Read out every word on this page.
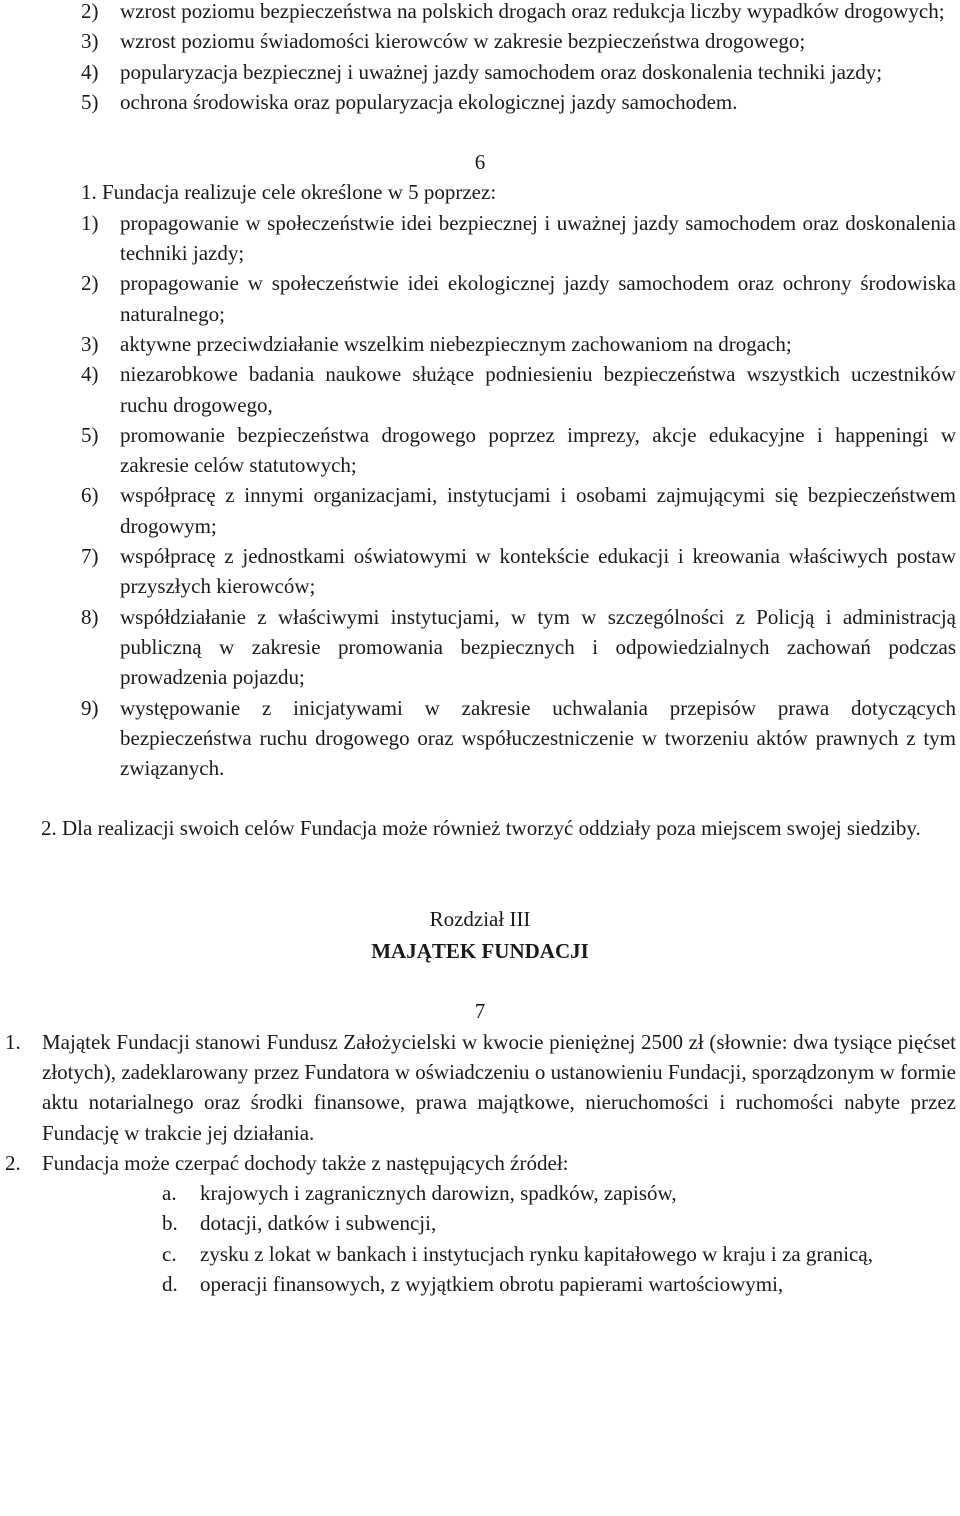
2) wzrost poziomu bezpieczeństwa na polskich drogach oraz redukcja liczby wypadków drogowych;
3) wzrost poziomu świadomości kierowców w zakresie bezpieczeństwa drogowego;
4) popularyzacja bezpiecznej i uważnej jazdy samochodem oraz doskonalenia techniki jazdy;
5) ochrona środowiska oraz popularyzacja ekologicznej jazdy samochodem.
6
1. Fundacja realizuje cele określone w 5 poprzez:
1) propagowanie w społeczeństwie idei bezpiecznej i uważnej jazdy samochodem oraz doskonalenia techniki jazdy;
2) propagowanie w społeczeństwie idei ekologicznej jazdy samochodem oraz ochrony środowiska naturalnego;
3) aktywne przeciwdziałanie wszelkim niebezpiecznym zachowaniom na drogach;
4) niezarobkowe badania naukowe służące podniesieniu bezpieczeństwa wszystkich uczestników ruchu drogowego,
5) promowanie bezpieczeństwa drogowego poprzez imprezy, akcje edukacyjne i happeningi w zakresie celów statutowych;
6) współpracę z innymi organizacjami, instytucjami i osobami zajmującymi się bezpieczeństwem drogowym;
7) współpracę z jednostkami oświatowymi w kontekście edukacji i kreowania właściwych postaw przyszłych kierowców;
8) współdziałanie z właściwymi instytucjami, w tym w szczególności z Policją i administracją publiczną w zakresie promowania bezpiecznych i odpowiedzialnych zachowań podczas prowadzenia pojazdu;
9) występowanie z inicjatywami w zakresie uchwalania przepisów prawa dotyczących bezpieczeństwa ruchu drogowego oraz współuczestniczenie w tworzeniu aktów prawnych z tym związanych.
2. Dla realizacji swoich celów Fundacja może również tworzyć oddziały poza miejscem swojej siedziby.
Rozdział III
MAJĄTEK FUNDACJI
7
1. Majątek Fundacji stanowi Fundusz Założycielski w kwocie pieniężnej 2500 zł (słownie: dwa tysiące pięćset złotych), zadeklarowany przez Fundatora w oświadczeniu o ustanowieniu Fundacji, sporządzonym w formie aktu notarialnego oraz środki finansowe, prawa majątkowe, nieruchomości i ruchomości nabyte przez Fundację w trakcie jej działania.
2. Fundacja może czerpać dochody także z następujących źródeł:
a. krajowych i zagranicznych darowizn, spadków, zapisów,
b. dotacji, datków i subwencji,
c. zysku z lokat w bankach i instytucjach rynku kapitałowego w kraju i za granicą,
d. operacji finansowych, z wyjątkiem obrotu papierami wartościowymi,
